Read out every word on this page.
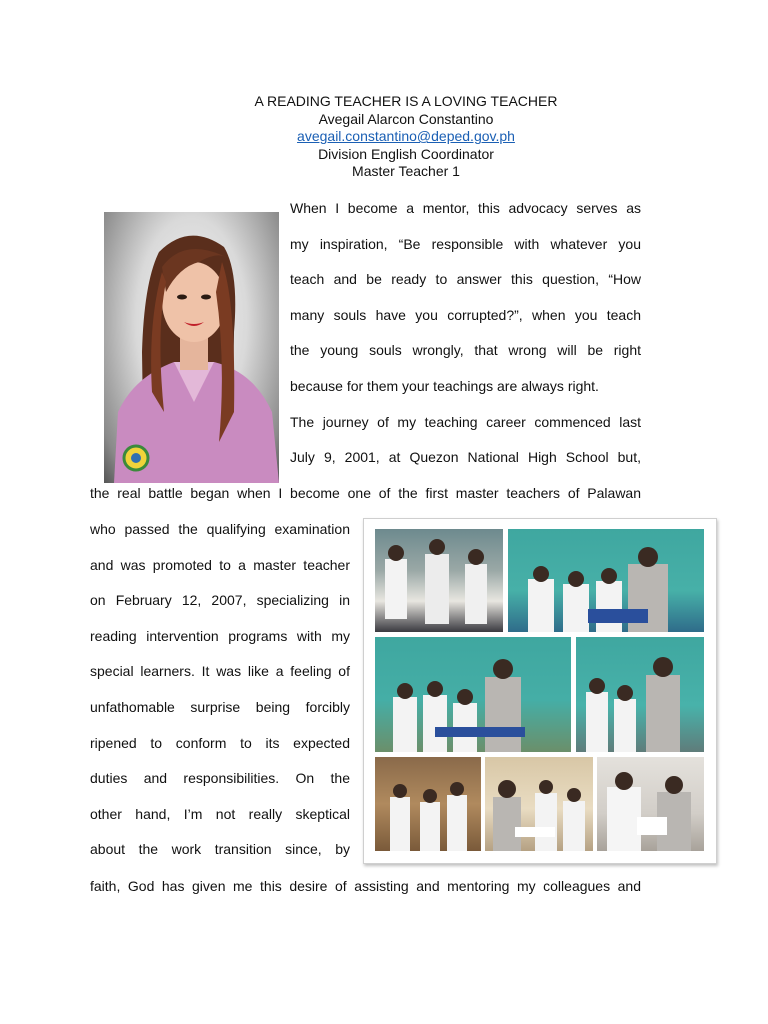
A READING TEACHER IS A LOVING TEACHER
Avegail Alarcon Constantino
avegail.constantino@deped.gov.ph
Division English Coordinator
Master Teacher 1
When I become a mentor, this advocacy serves as
my inspiration, “Be responsible with whatever you
teach and be ready to answer this question, “How
many souls have you corrupted?”, when you teach
the young souls wrongly, that wrong will be right
because for them your teachings are always right.
The journey of my teaching career commenced last
July 9, 2001, at Quezon National High School but,
the real battle began when I become one of the first master teachers of Palawan
who passed the qualifying examination
and was promoted to a master teacher
on February 12, 2007, specializing in
reading intervention programs with my
special learners. It was like a feeling of
unfathomable surprise being forcibly
ripened to conform to its expected
duties and responsibilities. On the
other hand, I’m not really skeptical
about the work transition since, by
faith, God has given me this desire of assisting and mentoring my colleagues and
